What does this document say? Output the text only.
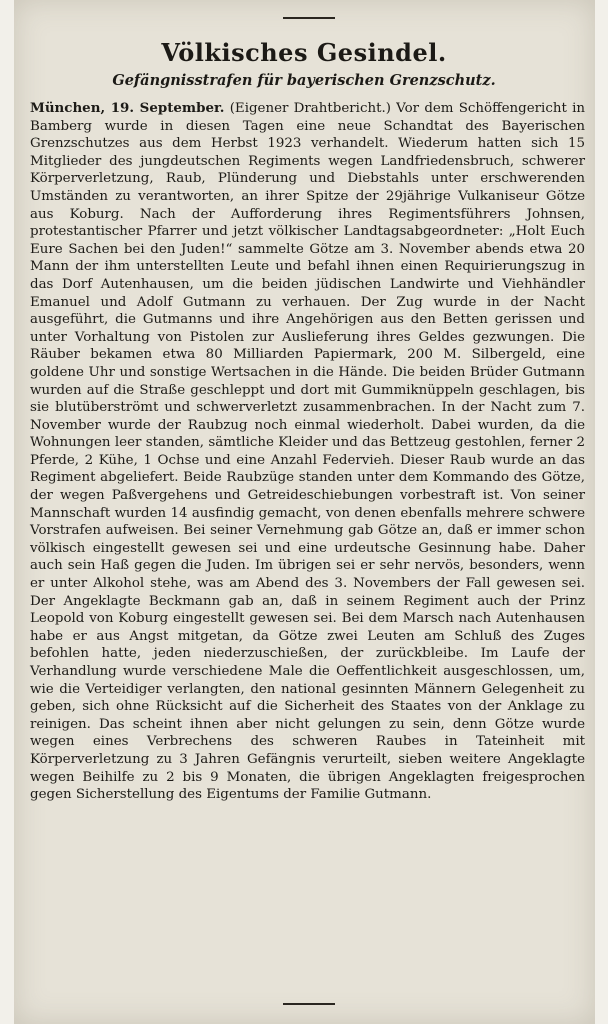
Völkisches Gesindel.
Gefängnisstrafen für bayerischen Grenzschutz.

München, 19. September. (Eigener Drahtbericht.) Vor dem Schöffengericht in Bamberg wurde in diesen Tagen eine neue Schandtat des Bayerischen Grenzschutzes aus dem Herbst 1923 verhandelt. Wiederum hatten sich 15 Mitglieder des jungdeutschen Regiments wegen Landfriedensbruch, schwerer Körperverletzung, Raub, Plünderung und Diebstahls unter erschwerenden Umständen zu verantworten, an ihrer Spitze der 29jährige Vulkaniseur Götze aus Koburg. Nach der Aufforderung ihres Regimentsführers Johnsen, protestantischer Pfarrer und jetzt völkischer Landtagsabgeordneter: „Holt Euch Eure Sachen bei den Juden!“ sammelte Götze am 3. November abends etwa 20 Mann der ihm unterstellten Leute und befahl ihnen einen Requirierungszug in das Dorf Autenhausen, um die beiden jüdischen Landwirte und Viehhändler Emanuel und Adolf Gutmann zu verhauen. Der Zug wurde in der Nacht ausgeführt, die Gutmanns und ihre Angehörigen aus den Betten gerissen und unter Vorhaltung von Pistolen zur Auslieferung ihres Geldes gezwungen. Die Räuber bekamen etwa 80 Milliarden Papiermark, 200 M. Silbergeld, eine goldene Uhr und sonstige Wertsachen in die Hände. Die beiden Brüder Gutmann wurden auf die Straße geschleppt und dort mit Gummiknüppeln geschlagen, bis sie blutüberströmt und schwerverletzt zusammenbrachen. In der Nacht zum 7. November wurde der Raubzug noch einmal wiederholt. Dabei wurden, da die Wohnungen leer standen, sämtliche Kleider und das Bettzeug gestohlen, ferner 2 Pferde, 2 Kühe, 1 Ochse und eine Anzahl Federvieh. Dieser Raub wurde an das Regiment abgeliefert. Beide Raubzüge standen unter dem Kommando des Götze, der wegen Paßvergehens und Getreideschiebungen vorbestraft ist. Von seiner Mannschaft wurden 14 ausfindig gemacht, von denen ebenfalls mehrere schwere Vorstrafen aufweisen. Bei seiner Vernehmung gab Götze an, daß er immer schon völkisch eingestellt gewesen sei und eine urdeutsche Gesinnung habe. Daher auch sein Haß gegen die Juden. Im übrigen sei er sehr nervös, besonders, wenn er unter Alkohol stehe, was am Abend des 3. Novembers der Fall gewesen sei. Der Angeklagte Beckmann gab an, daß in seinem Regiment auch der Prinz Leopold von Koburg eingestellt gewesen sei. Bei dem Marsch nach Autenhausen habe er aus Angst mitgetan, da Götze zwei Leuten am Schluß des Zuges befohlen hatte, jeden niederzuschießen, der zurückbleibe. Im Laufe der Verhandlung wurde verschiedene Male die Oeffentlichkeit ausgeschlossen, um, wie die Verteidiger verlangten, den national gesinnten Männern Gelegenheit zu geben, sich ohne Rücksicht auf die Sicherheit des Staates von der Anklage zu reinigen. Das scheint ihnen aber nicht gelungen zu sein, denn Götze wurde wegen eines Verbrechens des schweren Raubes in Tateinheit mit Körperverletzung zu 3 Jahren Gefängnis verurteilt, sieben weitere Angeklagte wegen Beihilfe zu 2 bis 9 Monaten, die übrigen Angeklagten freigesprochen gegen Sicherstellung des Eigentums der Familie Gutmann.
